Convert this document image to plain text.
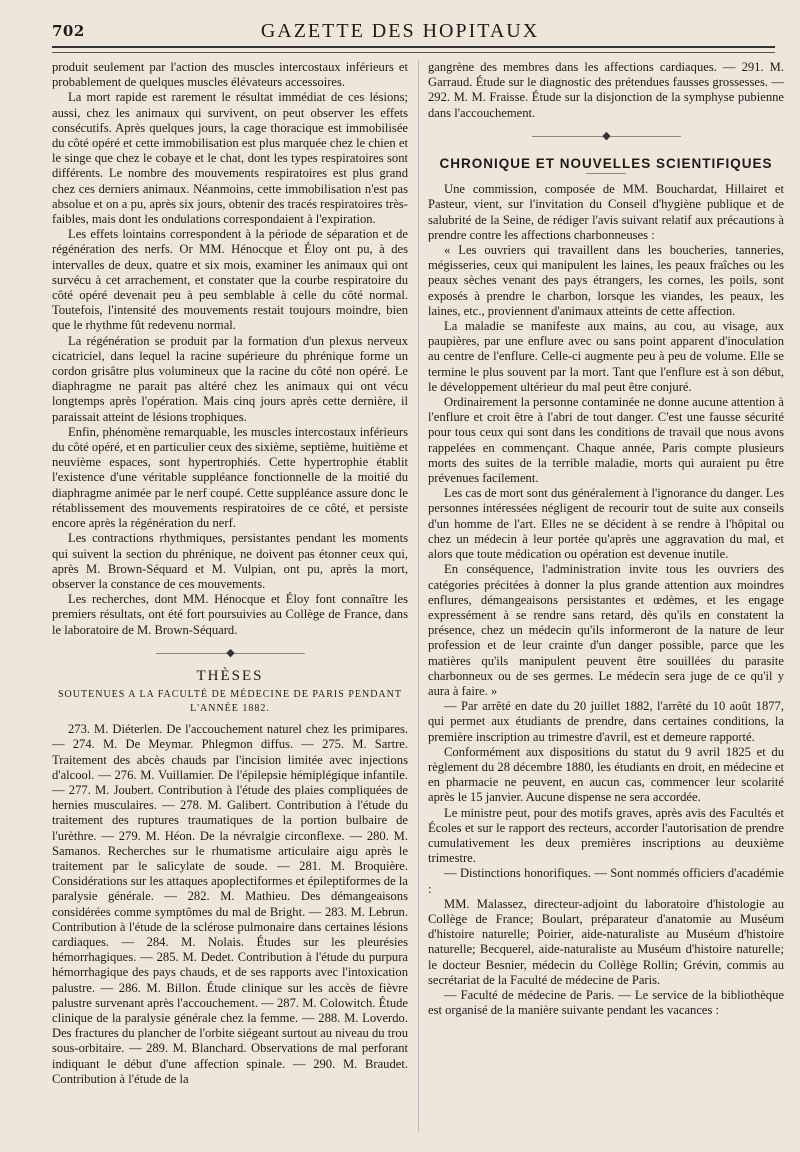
702	GAZETTE DES HOPITAUX

produit seulement par l'action des muscles intercostaux inférieurs et probablement de quelques muscles élévateurs accessoires.

La mort rapide est rarement le résultat immédiat de ces lésions; aussi, chez les animaux qui survivent, on peut observer les effets consécutifs. Après quelques jours, la cage thoracique est immobilisée du côté opéré et cette immobilisation est plus marquée chez le chien et le singe que chez le cobaye et le chat, dont les types respiratoires sont différents. Le nombre des mouvements respiratoires est plus grand chez ces derniers animaux. Néanmoins, cette immobilisation n'est pas absolue et on a pu, après six jours, obtenir des tracés respiratoires très-faibles, mais dont les ondulations correspondaient à l'expiration.

Les effets lointains correspondent à la période de séparation et de régénération des nerfs. Or MM. Hénocque et Éloy ont pu, à des intervalles de deux, quatre et six mois, examiner les animaux qui ont survécu à cet arrachement, et constater que la courbe respiratoire du côté opéré devenait peu à peu semblable à celle du côté normal. Toutefois, l'intensité des mouvements restait toujours moindre, bien que le rhythme fût redevenu normal.

La régénération se produit par la formation d'un plexus nerveux cicatriciel, dans lequel la racine supérieure du phrénique forme un cordon grisâtre plus volumineux que la racine du côté non opéré. Le diaphragme ne parait pas altéré chez les animaux qui ont vécu longtemps après l'opération. Mais cinq jours après cette dernière, il paraissait atteint de lésions trophiques.

Enfin, phénomène remarquable, les muscles intercostaux inférieurs du côté opéré, et en particulier ceux des sixième, septième, huitième et neuvième espaces, sont hypertrophiés. Cette hypertrophie établit l'existence d'une véritable suppléance fonctionnelle de la moitié du diaphragme animée par le nerf coupé. Cette suppléance assure donc le rétablissement des mouvements respiratoires de ce côté, et persiste encore après la régénération du nerf.

Les contractions rhythmiques, persistantes pendant les moments qui suivent la section du phrénique, ne doivent pas étonner ceux qui, après M. Brown-Séquard et M. Vulpian, ont pu, après la mort, observer la constance de ces mouvements.

Les recherches, dont MM. Hénocque et Éloy font connaître les premiers résultats, ont été fort poursuivies au Collège de France, dans le laboratoire de M. Brown-Séquard.

———————◆———————
THÈSES
SOUTENUES A LA FACULTÉ DE MÉDECINE DE PARIS PENDANT L'ANNÉE 1882.

273. M. Diéterlen. De l'accouchement naturel chez les primipares. — 274. M. De Meymar. Phlegmon diffus. — 275. M. Sartre. Traitement des abcès chauds par l'incision limitée avec injections d'alcool. — 276. M. Vuillamier. De l'épilepsie hémiplégique infantile. — 277. M. Joubert. Contribution à l'étude des plaies compliquées de hernies musculaires. — 278. M. Galibert. Contribution à l'étude du traitement des ruptures traumatiques de la portion bulbaire de l'urèthre. — 279. M. Héon. De la névralgie circonflexe. — 280. M. Samanos. Recherches sur le rhumatisme articulaire aigu après le traitement par le salicylate de soude. — 281. M. Broquière. Considérations sur les attaques apoplectiformes et épileptiformes de la paralysie générale. — 282. M. Mathieu. Des démangeaisons considérées comme symptômes du mal de Bright. — 283. M. Lebrun. Contribution à l'étude de la sclérose pulmonaire dans certaines lésions cardiaques. — 284. M. Nolais. Études sur les pleurésies hémorrhagiques. — 285. M. Dedet. Contribution à l'étude du purpura hémorrhagique des pays chauds, et de ses rapports avec l'intoxication palustre. — 286. M. Billon. Étude clinique sur les accès de fièvre palustre survenant après l'accouchement. — 287. M. Colowitch. Étude clinique de la paralysie générale chez la femme. — 288. M. Loverdo. Des fractures du plancher de l'orbite siégeant surtout au niveau du trou sous-orbitaire. — 289. M. Blanchard. Observations de mal perforant indiquant le début d'une affection spinale. — 290. M. Braudet. Contribution à l'étude de la

gangrène des membres dans les affections cardiaques. — 291. M. Garraud. Étude sur le diagnostic des prétendues fausses grossesses. — 292. M. M. Fraisse. Étude sur la disjonction de la symphyse pubienne dans l'accouchement.

———————◆———————
CHRONIQUE ET NOUVELLES SCIENTIFIQUES

Une commission, composée de MM. Bouchardat, Hillairet et Pasteur, vient, sur l'invitation du Conseil d'hygiène publique et de salubrité de la Seine, de rédiger l'avis suivant relatif aux précautions à prendre contre les affections charbonneuses :

« Les ouvriers qui travaillent dans les boucheries, tanneries, mégisseries, ceux qui manipulent les laines, les peaux fraîches ou les peaux sèches venant des pays étrangers, les cornes, les poils, sont exposés à prendre le charbon, lorsque les viandes, les peaux, les laines, etc., proviennent d'animaux atteints de cette affection.

La maladie se manifeste aux mains, au cou, au visage, aux paupières, par une enflure avec ou sans point apparent d'inoculation au centre de l'enflure. Celle-ci augmente peu à peu de volume. Elle se termine le plus souvent par la mort. Tant que l'enflure est à son début, le développement ultérieur du mal peut être conjuré.

Ordinairement la personne contaminée ne donne aucune attention à l'enflure et croit être à l'abri de tout danger. C'est une fausse sécurité pour tous ceux qui sont dans les conditions de travail que nous avons rappelées en commençant. Chaque année, Paris compte plusieurs morts des suites de la terrible maladie, morts qui auraient pu être prévenues facilement.

Les cas de mort sont dus généralement à l'ignorance du danger. Les personnes intéressées négligent de recourir tout de suite aux conseils d'un homme de l'art. Elles ne se décident à se rendre à l'hôpital ou chez un médecin à leur portée qu'après une aggravation du mal, et alors que toute médication ou opération est devenue inutile.

En conséquence, l'administration invite tous les ouvriers des catégories précitées à donner la plus grande attention aux moindres enflures, démangeaisons persistantes et œdèmes, et les engage expressément à se rendre sans retard, dès qu'ils en constatent la présence, chez un médecin qu'ils informeront de la nature de leur profession et de leur crainte d'un danger possible, parce que les matières qu'ils manipulent peuvent être souillées du parasite charbonneux ou de ses germes. Le médecin sera juge de ce qu'il y aura à faire. »

— Par arrêté en date du 20 juillet 1882, l'arrêté du 10 août 1877, qui permet aux étudiants de prendre, dans certaines conditions, la première inscription au trimestre d'avril, est et demeure rapporté.

Conformément aux dispositions du statut du 9 avril 1825 et du règlement du 28 décembre 1880, les étudiants en droit, en médecine et en pharmacie ne peuvent, en aucun cas, commencer leur scolarité après le 15 janvier. Aucune dispense ne sera accordée.

Le ministre peut, pour des motifs graves, après avis des Facultés et Écoles et sur le rapport des recteurs, accorder l'autorisation de prendre cumulativement les deux premières inscriptions au deuxième trimestre.

— Distinctions honorifiques. — Sont nommés officiers d'académie :

MM. Malassez, directeur-adjoint du laboratoire d'histologie au Collège de France; Boulart, préparateur d'anatomie au Muséum d'histoire naturelle; Poirier, aide-naturaliste au Muséum d'histoire naturelle; Becquerel, aide-naturaliste au Muséum d'histoire naturelle; le docteur Besnier, médecin du Collège Rollin; Grévin, commis au secrétariat de la Faculté de médecine de Paris.

— Faculté de médecine de Paris. — Le service de la bibliothèque est organisé de la manière suivante pendant les vacances :
